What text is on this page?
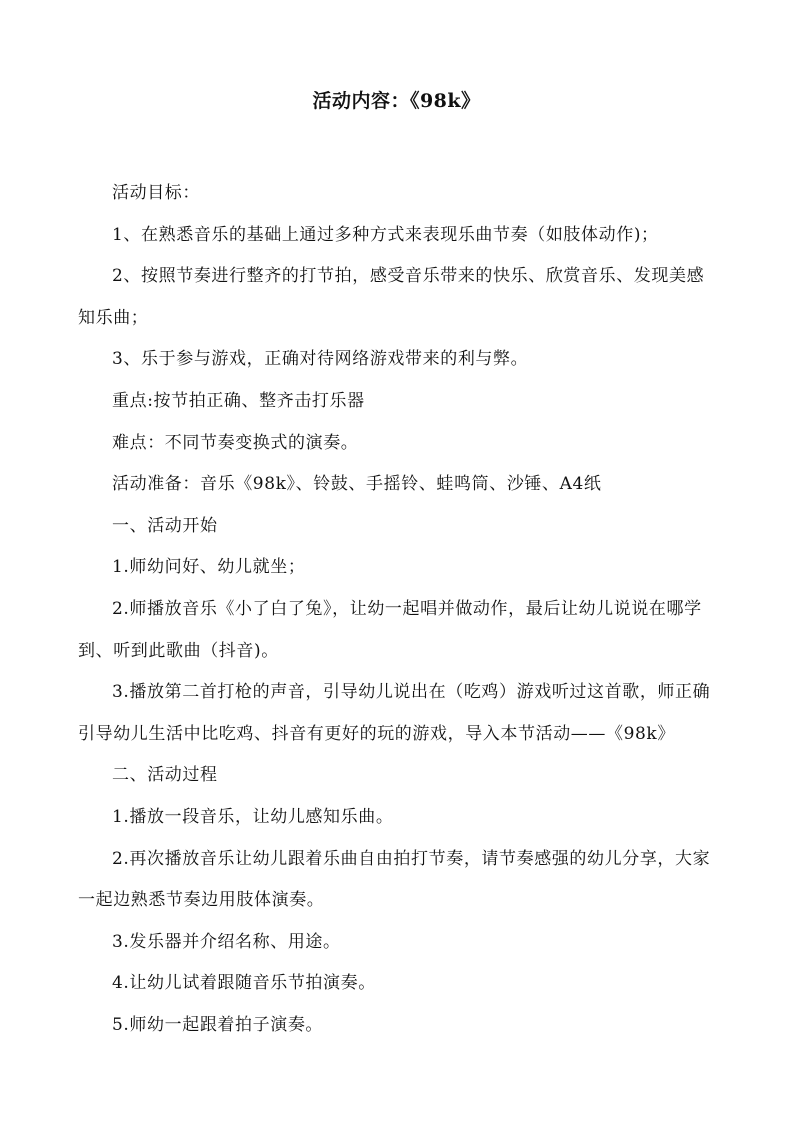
活动内容：《98k》

活动目标：

1、在熟悉音乐的基础上通过多种方式来表现乐曲节奏（如肢体动作)；

2、按照节奏进行整齐的打节拍，感受音乐带来的快乐、欣赏音乐、发现美感知乐曲；

3、乐于参与游戏，正确对待网络游戏带来的利与弊。

重点:按节拍正确、整齐击打乐器

难点：不同节奏变换式的演奏。

活动准备：音乐《98k》、铃鼓、手摇铃、蛙鸣筒、沙锤、A4纸

一、活动开始

1.师幼问好、幼儿就坐；

2.师播放音乐《小了白了兔》，让幼一起唱并做动作，最后让幼儿说说在哪学到、听到此歌曲（抖音)。

3.播放第二首打枪的声音，引导幼儿说出在（吃鸡）游戏听过这首歌，师正确引导幼儿生活中比吃鸡、抖音有更好的玩的游戏，导入本节活动——《98k》

二、活动过程

1.播放一段音乐，让幼儿感知乐曲。

2.再次播放音乐让幼儿跟着乐曲自由拍打节奏，请节奏感强的幼儿分享，大家一起边熟悉节奏边用肢体演奏。

3.发乐器并介绍名称、用途。

4.让幼儿试着跟随音乐节拍演奏。

5.师幼一起跟着拍子演奏。
